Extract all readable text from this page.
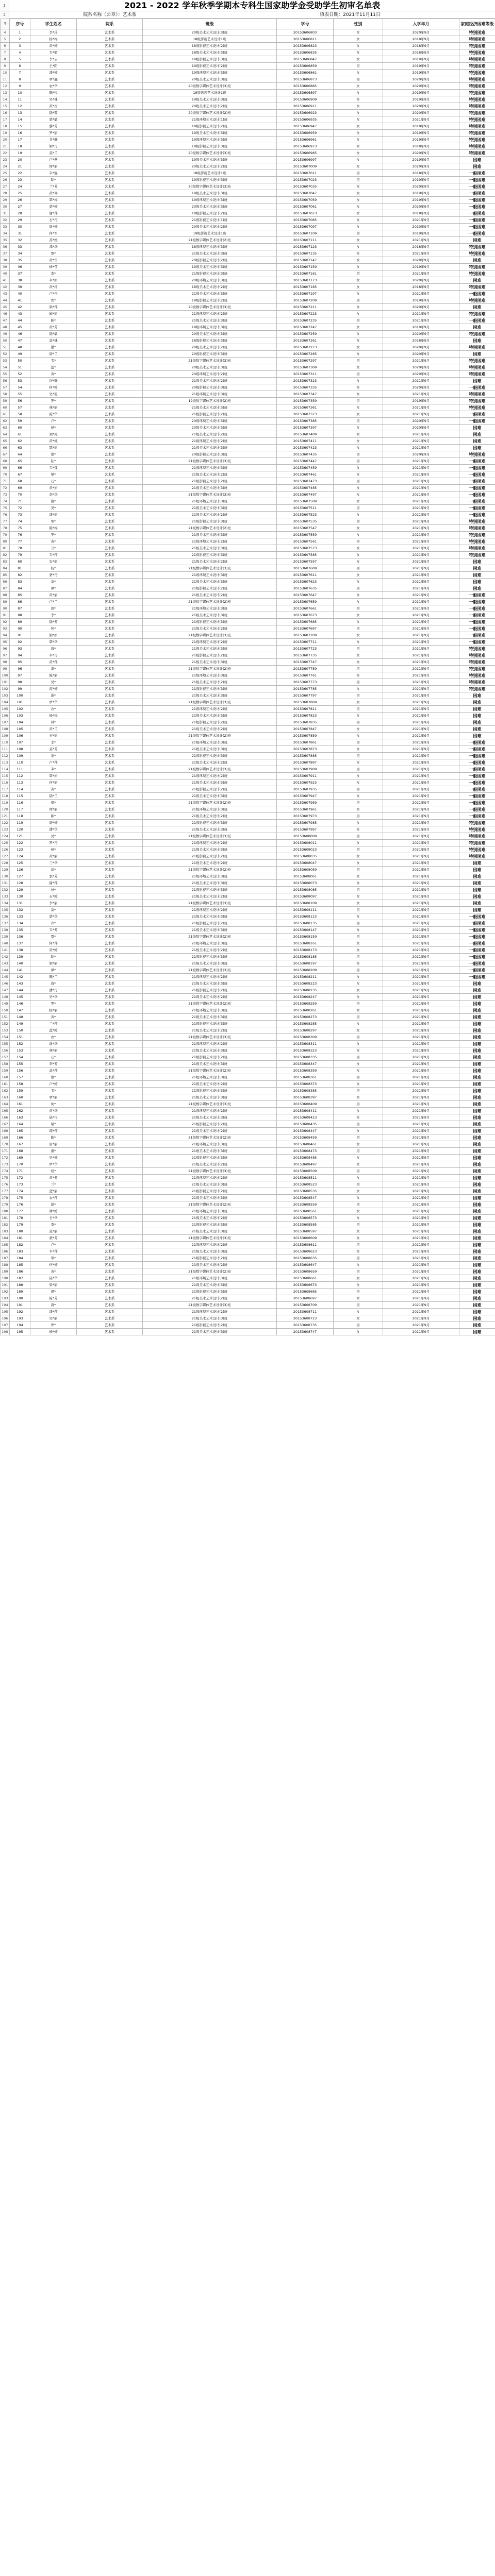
1	2021 - 2022 学年秋季学期本专科生国家助学金受助学生初审名单表
2	院系名称（公章）：艺术系	填表日期：2021年11月11日
3	序号	学生姓名	院系	班级	学号	性别	入学年月	家庭经济困难等级
4	1	李*玲	艺术系	20级美术艺术设计(3)班	20153606803	女	2020年9月	特别困难
5	2	杨*梅	艺术系	18级影视艺术设计1班	20153606811	女	2018年9月	特别困难
6	3	黄*婷	艺术系	18级影视艺术设计(2)班	20153606823	女	2018年9月	特别困难
7	4	韦*媚	艺术系	18级美术艺术设计(3)班	20153606835	女	2018年9月	特别困难
8	5	李*云	艺术系	19级影视艺术设计(3)班	20153606847	女	2019年9月	特别困难
9	6	王*阳	艺术系	19级影视艺术设计(2)班	20153606859	男	2019年9月	特别困难
10	7	潘*婷	艺术系	19级环境艺术设计(3)班	20153606861	女	2019年9月	特别困难
11	8	覃*鑫	艺术系	20级美术艺术设计(3)班	20153606873	男	2020年9月	特别困难
12	9	农*华	艺术系	20级数字媒体艺术设计(3)班	20153606885	女	2020年9月	特别困难
13	10	陈*悦	艺术系	19级影视艺术设计1班	20153606897	女	2019年9月	特别困难
14	11	吴*妹	艺术系	19级美术艺术设计(3)班	20153606909	女	2019年9月	特别困难
15	12	黄*杏	艺术系	20级美术艺术设计(2)班	20153606911	女	2020年9月	特别困难
16	13	陆*霞	艺术系	20级数字媒体艺术设计(2)班	20153606923	女	2020年9月	特别困难
17	14	蒙*敏	艺术系	21级环境艺术设计(1)班	20153606935	女	2021年9月	特别困难
18	15	黎*芳	艺术系	18级影视艺术设计(2)班	20153606947	女	2018年9月	特别困难
19	16	罗*丽	艺术系	19级美术艺术设计(3)班	20153606959	女	2019年9月	特别困难
20	17	甘*静	艺术系	19级环境艺术设计(3)班	20153606961	女	2019年9月	特别困难
21	18	梁*丹	艺术系	18级影视艺术设计(3)班	20153606973	女	2018年9月	特别困难
22	19	莫*兰	艺术系	20级数字媒体艺术设计(3)班	20153606985	女	2020年9月	特别困难
23	20	卢*燕	艺术系	19级美术艺术设计(3)班	20153606997	女	2019年9月	困难
24	21	谭*丽	艺术系	20级美术艺术设计(2)班	20153607009	女	2020年9月	困难
25	22	韦*强	艺术系	18级影视艺术设计1班	20153607011	男	2018年9月	一般困难
26	23	陆*	艺术系	19级影视艺术设计(3)班	20153607023	男	2019年9月	一般困难
27	24	兰*芳	艺术系	20级数字媒体艺术设计(3)班	20153607035	女	2020年9月	一般困难
28	25	黄*琳	艺术系	19级美术艺术设计(3)班	20153607047	女	2019年9月	一般困难
29	26	覃*梅	艺术系	19级环境艺术设计(3)班	20153607059	女	2019年9月	一般困难
30	27	蒙*婷	艺术系	20级美术艺术设计(3)班	20153607061	女	2020年9月	一般困难
31	28	谢*萍	艺术系	18级影视艺术设计(2)班	20153607073	女	2018年9月	一般困难
32	29	石*丹	艺术系	21级影视艺术设计(1)班	20153607085	女	2021年9月	一般困难
33	30	周*婷	艺术系	20级美术艺术设计(2)班	20153607097	女	2020年9月	一般困难
34	31	何*军	艺术系	19级影视艺术设计1班	20153607109	男	2019年9月	一般困难
35	32	苏*媛	艺术系	21级数字媒体艺术设计(2)班	20153607111	女	2021年9月	困难
36	33	邓*华	艺术系	18级环境艺术设计(3)班	20153607123	女	2018年9月	特别困难
37	34	覃*	艺术系	21级美术艺术设计(3)班	20153607135	女	2021年9月	特别困难
38	35	黄*雪	艺术系	20级影视艺术设计(2)班	20153607147	女	2020年9月	困难
39	36	杨*莹	艺术系	19级美术艺术设计(3)班	20153607159	女	2019年9月	特别困难
40	37	李*	艺术系	21级影视艺术设计(3)班	20153607161	男	2021年9月	特别困难
41	38	韦*娟	艺术系	20级环境艺术设计(3)班	20153607173	女	2020年9月	困难
42	39	黄*玲	艺术系	18级美术艺术设计(2)班	20153607185	女	2018年9月	特别困难
43	40	卢*丹	艺术系	21级美术艺术设计(3)班	20153607197	女	2021年9月	一般困难
44	41	农*	艺术系	19级影视艺术设计(2)班	20153607209	男	2019年9月	特别困难
45	42	梁*萍	艺术系	20级数字媒体艺术设计(3)班	20153607211	女	2020年9月	困难
46	43	廖*丽	艺术系	21级环境艺术设计(2)班	20153607223	女	2021年9月	特别困难
47	44	陈*	艺术系	21级美术艺术设计(3)班	20153607235	男	2021年9月	一般困难
48	45	黄*芳	艺术系	19级环境艺术设计(3)班	20153607247	女	2019年9月	困难
49	46	陆*敏	艺术系	20级美术艺术设计(3)班	20153607259	女	2020年9月	特别困难
50	47	莫*妹	艺术系	18级影视艺术设计(3)班	20153607261	女	2018年9月	困难
51	48	潘*	艺术系	20级美术艺术设计(2)班	20153607273	女	2020年9月	特别困难
52	49	唐*兰	艺术系	20级影视艺术设计(3)班	20153607285	女	2020年9月	困难
53	50	韦*	艺术系	21级数字媒体艺术设计(3)班	20153607297	男	2021年9月	特别困难
54	51	蓝*	艺术系	20级美术艺术设计(3)班	20153607309	女	2020年9月	特别困难
55	52	黄*	艺术系	20级环境艺术设计(2)班	20153607311	男	2020年9月	特别困难
56	53	许*静	艺术系	21级美术艺术设计(2)班	20153607323	女	2021年9月	困难
57	54	何*婷	艺术系	20级影视艺术设计(3)班	20153607335	女	2020年9月	一般困难
58	55	吴*霞	艺术系	21级环境艺术设计(3)班	20153607347	女	2021年9月	特别困难
59	56	罗*	艺术系	19级数字媒体艺术设计(2)班	20153607359	男	2019年9月	特别困难
60	57	林*丽	艺术系	21级美术艺术设计(3)班	20153607361	女	2021年9月	特别困难
61	58	陈*华	艺术系	21级影视艺术设计(2)班	20153607373	女	2021年9月	一般困难
62	59	卢*	艺术系	20级环境艺术设计(3)班	20153607385	男	2020年9月	一般困难
63	60	杨*	艺术系	20级美术艺术设计(3)班	20153607397	女	2020年9月	困难
64	61	刘*艳	艺术系	21级美术艺术设计(2)班	20153607409	女	2021年9月	困难
65	62	黄*桃	艺术系	21级环境艺术设计(2)班	20153607411	女	2021年9月	困难
66	63	覃*丽	艺术系	21级美术艺术设计(3)班	20153607423	女	2021年9月	困难
67	64	蒙*	艺术系	20级影视艺术设计(3)班	20153607435	男	2020年9月	特别困难
68	65	陆*	艺术系	21级数字媒体艺术设计(3)班	20153607447	男	2021年9月	一般困难
69	66	韦*莲	艺术系	21级环境艺术设计(3)班	20153607459	女	2021年9月	一般困难
70	67	梁*	艺术系	21级美术艺术设计(2)班	20153607461	女	2021年9月	一般困难
71	68	石*	艺术系	21级影视艺术设计(2)班	20153607473	男	2021年9月	一般困难
72	69	黄*娟	艺术系	21级美术艺术设计(3)班	20153607485	女	2021年9月	一般困难
73	70	李*华	艺术系	21级数字媒体艺术设计(3)班	20153607497	女	2021年9月	一般困难
74	71	谢*	艺术系	21级环境艺术设计(3)班	20153607509	女	2021年9月	一般困难
75	72	吴*	艺术系	21级美术艺术设计(3)班	20153607511	男	2021年9月	一般困难
76	73	潘*丽	艺术系	21级美术艺术设计(2)班	20153607523	女	2021年9月	一般困难
77	74	覃*	艺术系	21级影视艺术设计(3)班	20153607535	男	2021年9月	特别困难
78	75	陈*梅	艺术系	21级数字媒体艺术设计(2)班	20153607547	女	2021年9月	特别困难
79	76	罗*	艺术系	21级美术艺术设计(3)班	20153607559	女	2021年9月	特别困难
80	77	黄*	艺术系	21级环境艺术设计(2)班	20153607561	男	2021年9月	特别困难
81	78	兰*	艺术系	21级美术艺术设计(3)班	20153607573	女	2021年9月	特别困难
82	79	韦*萍	艺术系	21级影视艺术设计(3)班	20153607585	女	2021年9月	特别困难
83	80	农*丽	艺术系	21级美术艺术设计(2)班	20153607597	女	2021年9月	困难
84	81	杨*	艺术系	21级数字媒体艺术设计(3)班	20153607609	男	2021年9月	困难
85	82	蒙*丹	艺术系	21级环境艺术设计(3)班	20153607611	女	2021年9月	困难
86	83	莫*	艺术系	21级美术艺术设计(3)班	20153607623	女	2021年9月	困难
87	84	谭*	艺术系	21级影视艺术设计(2)班	20153607635	男	2021年9月	困难
88	85	黄*丽	艺术系	21级美术艺术设计(2)班	20153607647	女	2021年9月	一般困难
89	86	卢*兰	艺术系	21级数字媒体艺术设计(2)班	20153607659	女	2021年9月	一般困难
90	87	周*	艺术系	21级环境艺术设计(3)班	20153607661	男	2021年9月	一般困难
91	88	李*	艺术系	21级美术艺术设计(3)班	20153607673	女	2021年9月	一般困难
92	89	陆*芳	艺术系	21级影视艺术设计(3)班	20153607685	女	2021年9月	一般困难
93	90	何*	艺术系	21级美术艺术设计(2)班	20153607697	男	2021年9月	一般困难
94	91	梁*娟	艺术系	21级数字媒体艺术设计(3)班	20153607709	女	2021年9月	一般困难
95	92	覃*华	艺术系	21级环境艺术设计(2)班	20153607711	女	2021年9月	一般困难
96	93	唐*	艺术系	21级美术艺术设计(3)班	20153607723	男	2021年9月	特别困难
97	94	韦*丹	艺术系	21级影视艺术设计(2)班	20153607735	女	2021年9月	特别困难
98	95	黄*萍	艺术系	21级美术艺术设计(3)班	20153607747	女	2021年9月	特别困难
99	96	潘*	艺术系	21级数字媒体艺术设计(2)班	20153607759	男	2021年9月	特别困难
100	97	陈*丽	艺术系	21级环境艺术设计(3)班	20153607761	女	2021年9月	特别困难
101	98	吴*	艺术系	21级美术艺术设计(2)班	20153607773	男	2021年9月	特别困难
102	99	蓝*婷	艺术系	21级影视艺术设计(3)班	20153607785	女	2021年9月	特别困难
103	100	谢*	艺术系	21级美术艺术设计(3)班	20153607797	男	2021年9月	困难
104	101	罗*华	艺术系	21级数字媒体艺术设计(3)班	20153607809	女	2021年9月	困难
105	102	农*	艺术系	21级环境艺术设计(2)班	20153607811	男	2021年9月	困难
106	103	杨*梅	艺术系	21级美术艺术设计(3)班	20153607823	女	2021年9月	困难
107	104	林*	艺术系	21级影视艺术设计(2)班	20153607835	男	2021年9月	困难
108	105	黄*兰	艺术系	21级美术艺术设计(2)班	20153607847	女	2021年9月	困难
109	106	石*丽	艺术系	21级数字媒体艺术设计(2)班	20153607859	女	2021年9月	困难
110	107	李*	艺术系	21级环境艺术设计(3)班	20153607861	男	2021年9月	一般困难
111	108	莫*芳	艺术系	21级美术艺术设计(3)班	20153607873	女	2021年9月	一般困难
112	109	蒙*	艺术系	21级影视艺术设计(3)班	20153607885	男	2021年9月	一般困难
113	110	卢*萍	艺术系	21级美术艺术设计(2)班	20153607897	女	2021年9月	一般困难
114	111	韦*	艺术系	21级数字媒体艺术设计(3)班	20153607909	男	2021年9月	一般困难
115	112	覃*娟	艺术系	21级环境艺术设计(2)班	20153607911	女	2021年9月	一般困难
116	113	何*丽	艺术系	21级美术艺术设计(3)班	20153607923	女	2021年9月	一般困难
117	114	黄*	艺术系	21级影视艺术设计(2)班	20153607935	男	2021年9月	一般困难
118	115	陆*兰	艺术系	21级美术艺术设计(3)班	20153607947	女	2021年9月	一般困难
119	116	梁*	艺术系	21级数字媒体艺术设计(2)班	20153607959	男	2021年9月	一般困难
120	117	谭*丽	艺术系	21级环境艺术设计(3)班	20153607961	女	2021年9月	一般困难
121	118	陈*	艺术系	21级美术艺术设计(2)班	20153607973	男	2021年9月	一般困难
122	119	唐*婷	艺术系	21级影视艺术设计(3)班	20153607985	女	2021年9月	特别困难
123	120	潘*华	艺术系	21级美术艺术设计(3)班	20153607997	女	2021年9月	特别困难
124	121	吴*	艺术系	21级数字媒体艺术设计(3)班	20153608009	男	2021年9月	特别困难
125	122	罗*丹	艺术系	21级环境艺术设计(2)班	20153608011	女	2021年9月	特别困难
126	123	杨*	艺术系	21级美术艺术设计(3)班	20153608023	男	2021年9月	特别困难
127	124	黄*丽	艺术系	21级影视艺术设计(2)班	20153608035	女	2021年9月	特别困难
128	125	兰*华	艺术系	21级美术艺术设计(2)班	20153608047	女	2021年9月	困难
129	126	蓝*	艺术系	21级数字媒体艺术设计(2)班	20153608059	男	2021年9月	困难
130	127	农*芳	艺术系	21级环境艺术设计(3)班	20153608061	女	2021年9月	困难
131	128	谢*萍	艺术系	21级美术艺术设计(3)班	20153608073	女	2021年9月	困难
132	129	林*	艺术系	21级影视艺术设计(3)班	20153608085	男	2021年9月	困难
133	130	石*婷	艺术系	21级美术艺术设计(2)班	20153608097	女	2021年9月	困难
134	131	李*丽	艺术系	21级数字媒体艺术设计(3)班	20153608109	女	2021年9月	困难
135	132	莫*	艺术系	21级环境艺术设计(2)班	20153608111	男	2021年9月	困难
136	133	蒙*华	艺术系	21级美术艺术设计(3)班	20153608123	女	2021年9月	一般困难
137	134	卢*	艺术系	21级影视艺术设计(2)班	20153608135	男	2021年9月	一般困难
138	135	韦*芳	艺术系	21级美术艺术设计(3)班	20153608147	女	2021年9月	一般困难
139	136	覃*	艺术系	21级数字媒体艺术设计(2)班	20153608159	男	2021年9月	一般困难
140	137	何*萍	艺术系	21级环境艺术设计(3)班	20153608161	女	2021年9月	一般困难
141	138	黄*婷	艺术系	21级美术艺术设计(2)班	20153608173	女	2021年9月	一般困难
142	139	陆*	艺术系	21级影视艺术设计(3)班	20153608185	男	2021年9月	一般困难
143	140	梁*丽	艺术系	21级美术艺术设计(3)班	20153608197	女	2021年9月	一般困难
144	141	谭*	艺术系	21级数字媒体艺术设计(3)班	20153608209	男	2021年9月	一般困难
145	142	陈*兰	艺术系	21级环境艺术设计(2)班	20153608211	女	2021年9月	一般困难
146	143	唐*	艺术系	21级美术艺术设计(3)班	20153608223	女	2021年9月	困难
147	144	潘*丹	艺术系	21级影视艺术设计(2)班	20153608235	女	2021年9月	困难
148	145	吴*华	艺术系	21级美术艺术设计(2)班	20153608247	女	2021年9月	困难
149	146	罗*	艺术系	21级数字媒体艺术设计(2)班	20153608259	男	2021年9月	困难
150	147	杨*丽	艺术系	21级环境艺术设计(3)班	20153608261	女	2021年9月	困难
151	148	黄*	艺术系	21级美术艺术设计(3)班	20153608273	男	2021年9月	困难
152	149	兰*萍	艺术系	21级影视艺术设计(3)班	20153608285	女	2021年9月	困难
153	150	蓝*婷	艺术系	21级美术艺术设计(2)班	20153608297	女	2021年9月	困难
154	151	农*	艺术系	21级数字媒体艺术设计(3)班	20153608309	男	2021年9月	困难
155	152	谢*华	艺术系	21级环境艺术设计(2)班	20153608311	女	2021年9月	困难
156	153	林*丽	艺术系	21级美术艺术设计(3)班	20153608323	女	2021年9月	困难
157	154	石*	艺术系	21级影视艺术设计(2)班	20153608335	男	2021年9月	困难
158	155	李*芳	艺术系	21级美术艺术设计(3)班	20153608347	女	2021年9月	困难
159	156	莫*萍	艺术系	21级数字媒体艺术设计(2)班	20153608359	女	2021年9月	困难
160	157	蒙*	艺术系	21级环境艺术设计(3)班	20153608361	男	2021年9月	困难
161	158	卢*婷	艺术系	21级美术艺术设计(2)班	20153608373	女	2021年9月	困难
162	159	韦*	艺术系	21级影视艺术设计(3)班	20153608385	男	2021年9月	困难
163	160	覃*丽	艺术系	21级美术艺术设计(3)班	20153608397	女	2021年9月	困难
164	161	何*	艺术系	21级数字媒体艺术设计(3)班	20153608409	男	2021年9月	困难
165	162	黄*华	艺术系	21级环境艺术设计(2)班	20153608411	女	2021年9月	困难
166	163	陆*丹	艺术系	21级美术艺术设计(3)班	20153608423	女	2021年9月	困难
167	164	梁*	艺术系	21级影视艺术设计(2)班	20153608435	男	2021年9月	困难
168	165	谭*萍	艺术系	21级美术艺术设计(2)班	20153608447	女	2021年9月	困难
169	166	陈*	艺术系	21级数字媒体艺术设计(2)班	20153608459	男	2021年9月	困难
170	167	唐*丽	艺术系	21级环境艺术设计(3)班	20153608461	女	2021年9月	困难
171	168	潘*	艺术系	21级美术艺术设计(3)班	20153608473	男	2021年9月	困难
172	169	吴*婷	艺术系	21级影视艺术设计(3)班	20153608485	女	2021年9月	困难
173	170	罗*华	艺术系	21级美术艺术设计(2)班	20153608497	女	2021年9月	困难
174	171	杨*	艺术系	21级数字媒体艺术设计(3)班	20153608509	男	2021年9月	困难
175	172	黄*芳	艺术系	21级环境艺术设计(2)班	20153608511	女	2021年9月	困难
176	173	兰*	艺术系	21级美术艺术设计(3)班	20153608523	男	2021年9月	困难
177	174	蓝*丽	艺术系	21级影视艺术设计(2)班	20153608535	女	2021年9月	困难
178	175	农*萍	艺术系	21级美术艺术设计(3)班	20153608547	女	2021年9月	困难
179	176	谢*	艺术系	21级数字媒体艺术设计(2)班	20153608559	男	2021年9月	困难
180	177	林*婷	艺术系	21级环境艺术设计(3)班	20153608561	女	2021年9月	困难
181	178	石*华	艺术系	21级美术艺术设计(2)班	20153608573	女	2021年9月	困难
182	179	李*	艺术系	21级影视艺术设计(3)班	20153608585	男	2021年9月	困难
183	180	莫*丽	艺术系	21级美术艺术设计(3)班	20153608597	女	2021年9月	困难
184	181	蒙*芳	艺术系	21级数字媒体艺术设计(3)班	20153608609	女	2021年9月	困难
185	182	卢*	艺术系	21级环境艺术设计(2)班	20153608611	男	2021年9月	困难
186	183	韦*萍	艺术系	21级美术艺术设计(3)班	20153608623	女	2021年9月	困难
187	184	覃*	艺术系	21级影视艺术设计(2)班	20153608635	男	2021年9月	困难
188	185	何*婷	艺术系	21级美术艺术设计(2)班	20153608647	女	2021年9月	困难
189	186	黄*	艺术系	21级数字媒体艺术设计(2)班	20153608659	男	2021年9月	困难
190	187	陆*华	艺术系	21级环境艺术设计(3)班	20153608661	女	2021年9月	困难
191	188	梁*丽	艺术系	21级美术艺术设计(3)班	20153608673	女	2021年9月	困难
192	189	谭*	艺术系	21级影视艺术设计(3)班	20153608685	男	2021年9月	困难
193	190	陈*芳	艺术系	21级美术艺术设计(2)班	20153608697	女	2021年9月	困难
194	191	唐*	艺术系	21级数字媒体艺术设计(3)班	20153608709	男	2021年9月	困难
195	192	潘*萍	艺术系	21级环境艺术设计(2)班	20153608711	女	2021年9月	困难
196	193	吴*丽	艺术系	21级美术艺术设计(3)班	20153608723	女	2021年9月	困难
197	194	罗*	艺术系	21级影视艺术设计(2)班	20153608735	男	2021年9月	困难
198	195	杨*婷	艺术系	21级美术艺术设计(3)班	20153608747	女	2021年9月	困难
